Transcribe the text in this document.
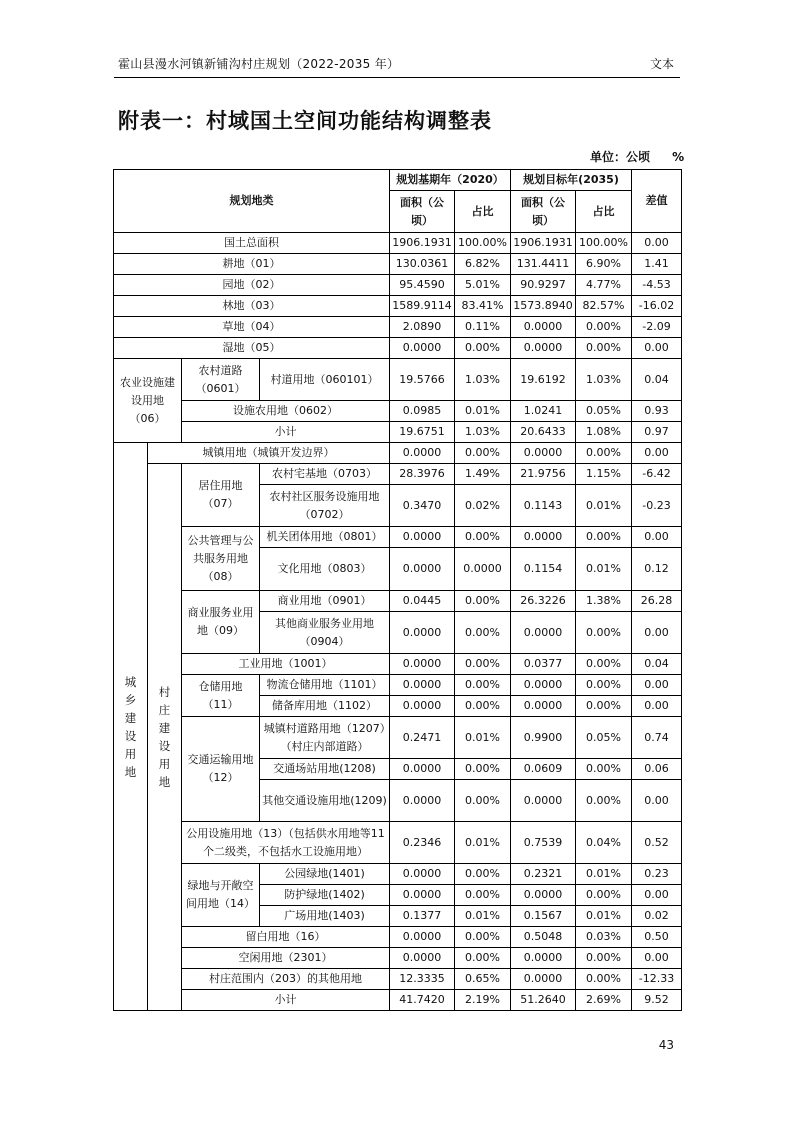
霍山县漫水河镇新铺沟村庄规划（2022-2035 年）	文本
附表一：村域国土空间功能结构调整表
单位：公顷 %
规划地类				规划基期年（2020）		规划目标年(2035)		差值
				面积（公顷）	占比	面积（公顷）	占比	

国土总面积				1906.1931	100.00%	1906.1931	100.00%	0.00
耕地（01）				130.0361	6.82%	131.4411	6.90%	1.41
园地（02）				95.4590	5.01%	90.9297	4.77%	-4.53
林地（03）				1589.9114	83.41%	1573.8940	82.57%	-16.02
草地（04）				2.0890	0.11%	0.0000	0.00%	-2.09
湿地（05）				0.0000	0.00%	0.0000	0.00%	0.00
农业设施建设用地（06）		农村道路（0601）	村道用地（060101）	19.5766	1.03%	19.6192	1.03%	0.04
		设施农用地（0602）		0.0985	0.01%	1.0241	0.05%	0.93
		小计		19.6751	1.03%	20.6433	1.08%	0.97
城乡建设用地	城镇用地（城镇开发边界）			0.0000	0.00%	0.0000	0.00%	0.00
	村庄建设用地	居住用地（07）	农村宅基地（0703）	28.3976	1.49%	21.9756	1.15%	-6.42
			农村社区服务设施用地（0702）	0.3470	0.02%	0.1143	0.01%	-0.23
		公共管理与公共服务用地（08）	机关团体用地（0801）	0.0000	0.00%	0.0000	0.00%	0.00
			文化用地（0803）	0.0000	0.0000	0.1154	0.01%	0.12
		商业服务业用地（09）	商业用地（0901）	0.0445	0.00%	26.3226	1.38%	26.28
			其他商业服务业用地（0904）	0.0000	0.00%	0.0000	0.00%	0.00
		工业用地（1001）		0.0000	0.00%	0.0377	0.00%	0.04
		仓储用地（11）	物流仓储用地（1101）	0.0000	0.00%	0.0000	0.00%	0.00
			储备库用地（1102）	0.0000	0.00%	0.0000	0.00%	0.00
		交通运输用地（12）	城镇村道路用地（1207）（村庄内部道路）	0.2471	0.01%	0.9900	0.05%	0.74
			交通场站用地(1208)	0.0000	0.00%	0.0609	0.00%	0.06
			其他交通设施用地(1209)	0.0000	0.00%	0.0000	0.00%	0.00
		公用设施用地（13）（包括供水用地等11 个二级类，不包括水工设施用地）		0.2346	0.01%	0.7539	0.04%	0.52
		绿地与开敞空间用地（14）	公园绿地(1401)	0.0000	0.00%	0.2321	0.01%	0.23
			防护绿地(1402)	0.0000	0.00%	0.0000	0.00%	0.00
			广场用地(1403)	0.1377	0.01%	0.1567	0.01%	0.02
		留白用地（16）		0.0000	0.00%	0.5048	0.03%	0.50
		空闲用地（2301）		0.0000	0.00%	0.0000	0.00%	0.00
		村庄范围内（203）的其他用地		12.3335	0.65%	0.0000	0.00%	-12.33
		小计		41.7420	2.19%	51.2640	2.69%	9.52
43
